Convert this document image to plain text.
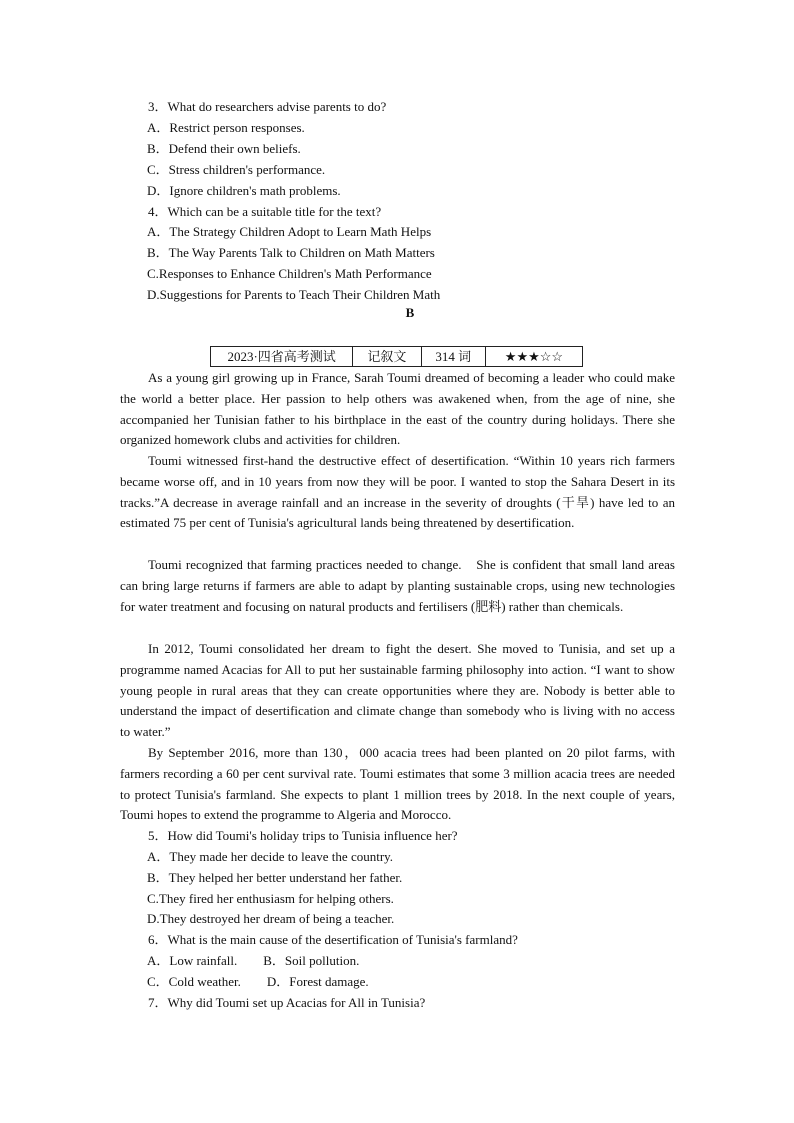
3．What do researchers advise parents to do?
A．Restrict person responses.
B．Defend their own beliefs.
C．Stress children's performance.
D．Ignore children's math problems.
4．Which can be a suitable title for the text?
A．The Strategy Children Adopt to Learn Math Helps
B．The Way Parents Talk to Children on Math Matters
C.Responses to Enhance Children's Math Performance
D.Suggestions for Parents to Teach Their Children Math
B
2023·四省高考测试	记叙文	314 词	★★★☆☆

As a young girl growing up in France, Sarah Toumi dreamed of becoming a leader who could make the world a better place. Her passion to help others was awakened when, from the age of nine, she accompanied her Tunisian father to his birthplace in the east of the country during holidays. There she organized homework clubs and activities for children.

Toumi witnessed first-hand the destructive effect of desertification. “Within 10 years rich farmers became worse off, and in 10 years from now they will be poor. I wanted to stop the Sahara Desert in its tracks.”A decrease in average rainfall and an increase in the severity of droughts (干旱) have led to an estimated 75 per cent of Tunisia's agricultural lands being threatened by desertification.

Toumi recognized that farming practices needed to change.　She is confident that small land areas can bring large returns if farmers are able to adapt by planting sustainable crops, using new technologies for water treatment and focusing on natural products and fertilisers (肥料) rather than chemicals.

In 2012, Toumi consolidated her dream to fight the desert. She moved to Tunisia, and set up a programme named Acacias for All to put her sustainable farming philosophy into action. “I want to show young people in rural areas that they can create opportunities where they are. Nobody is better able to understand the impact of desertification and climate change than somebody who is living with no access to water.”

By September 2016, more than 130，000 acacia trees had been planted on 20 pilot farms, with farmers recording a 60 per cent survival rate. Toumi estimates that some 3 million acacia trees are needed to protect Tunisia's farmland. She expects to plant 1 million trees by 2018. In the next couple of years, Toumi hopes to extend the programme to Algeria and Morocco.

5．How did Toumi's holiday trips to Tunisia influence her?
A．They made her decide to leave the country.
B．They helped her better understand her father.
C.They fired her enthusiasm for helping others.
D.They destroyed her dream of being a teacher.
6．What is the main cause of the desertification of Tunisia's farmland?
A．Low rainfall.　　B．Soil pollution.
C．Cold weather.　　D．Forest damage.
7．Why did Toumi set up Acacias for All in Tunisia?
